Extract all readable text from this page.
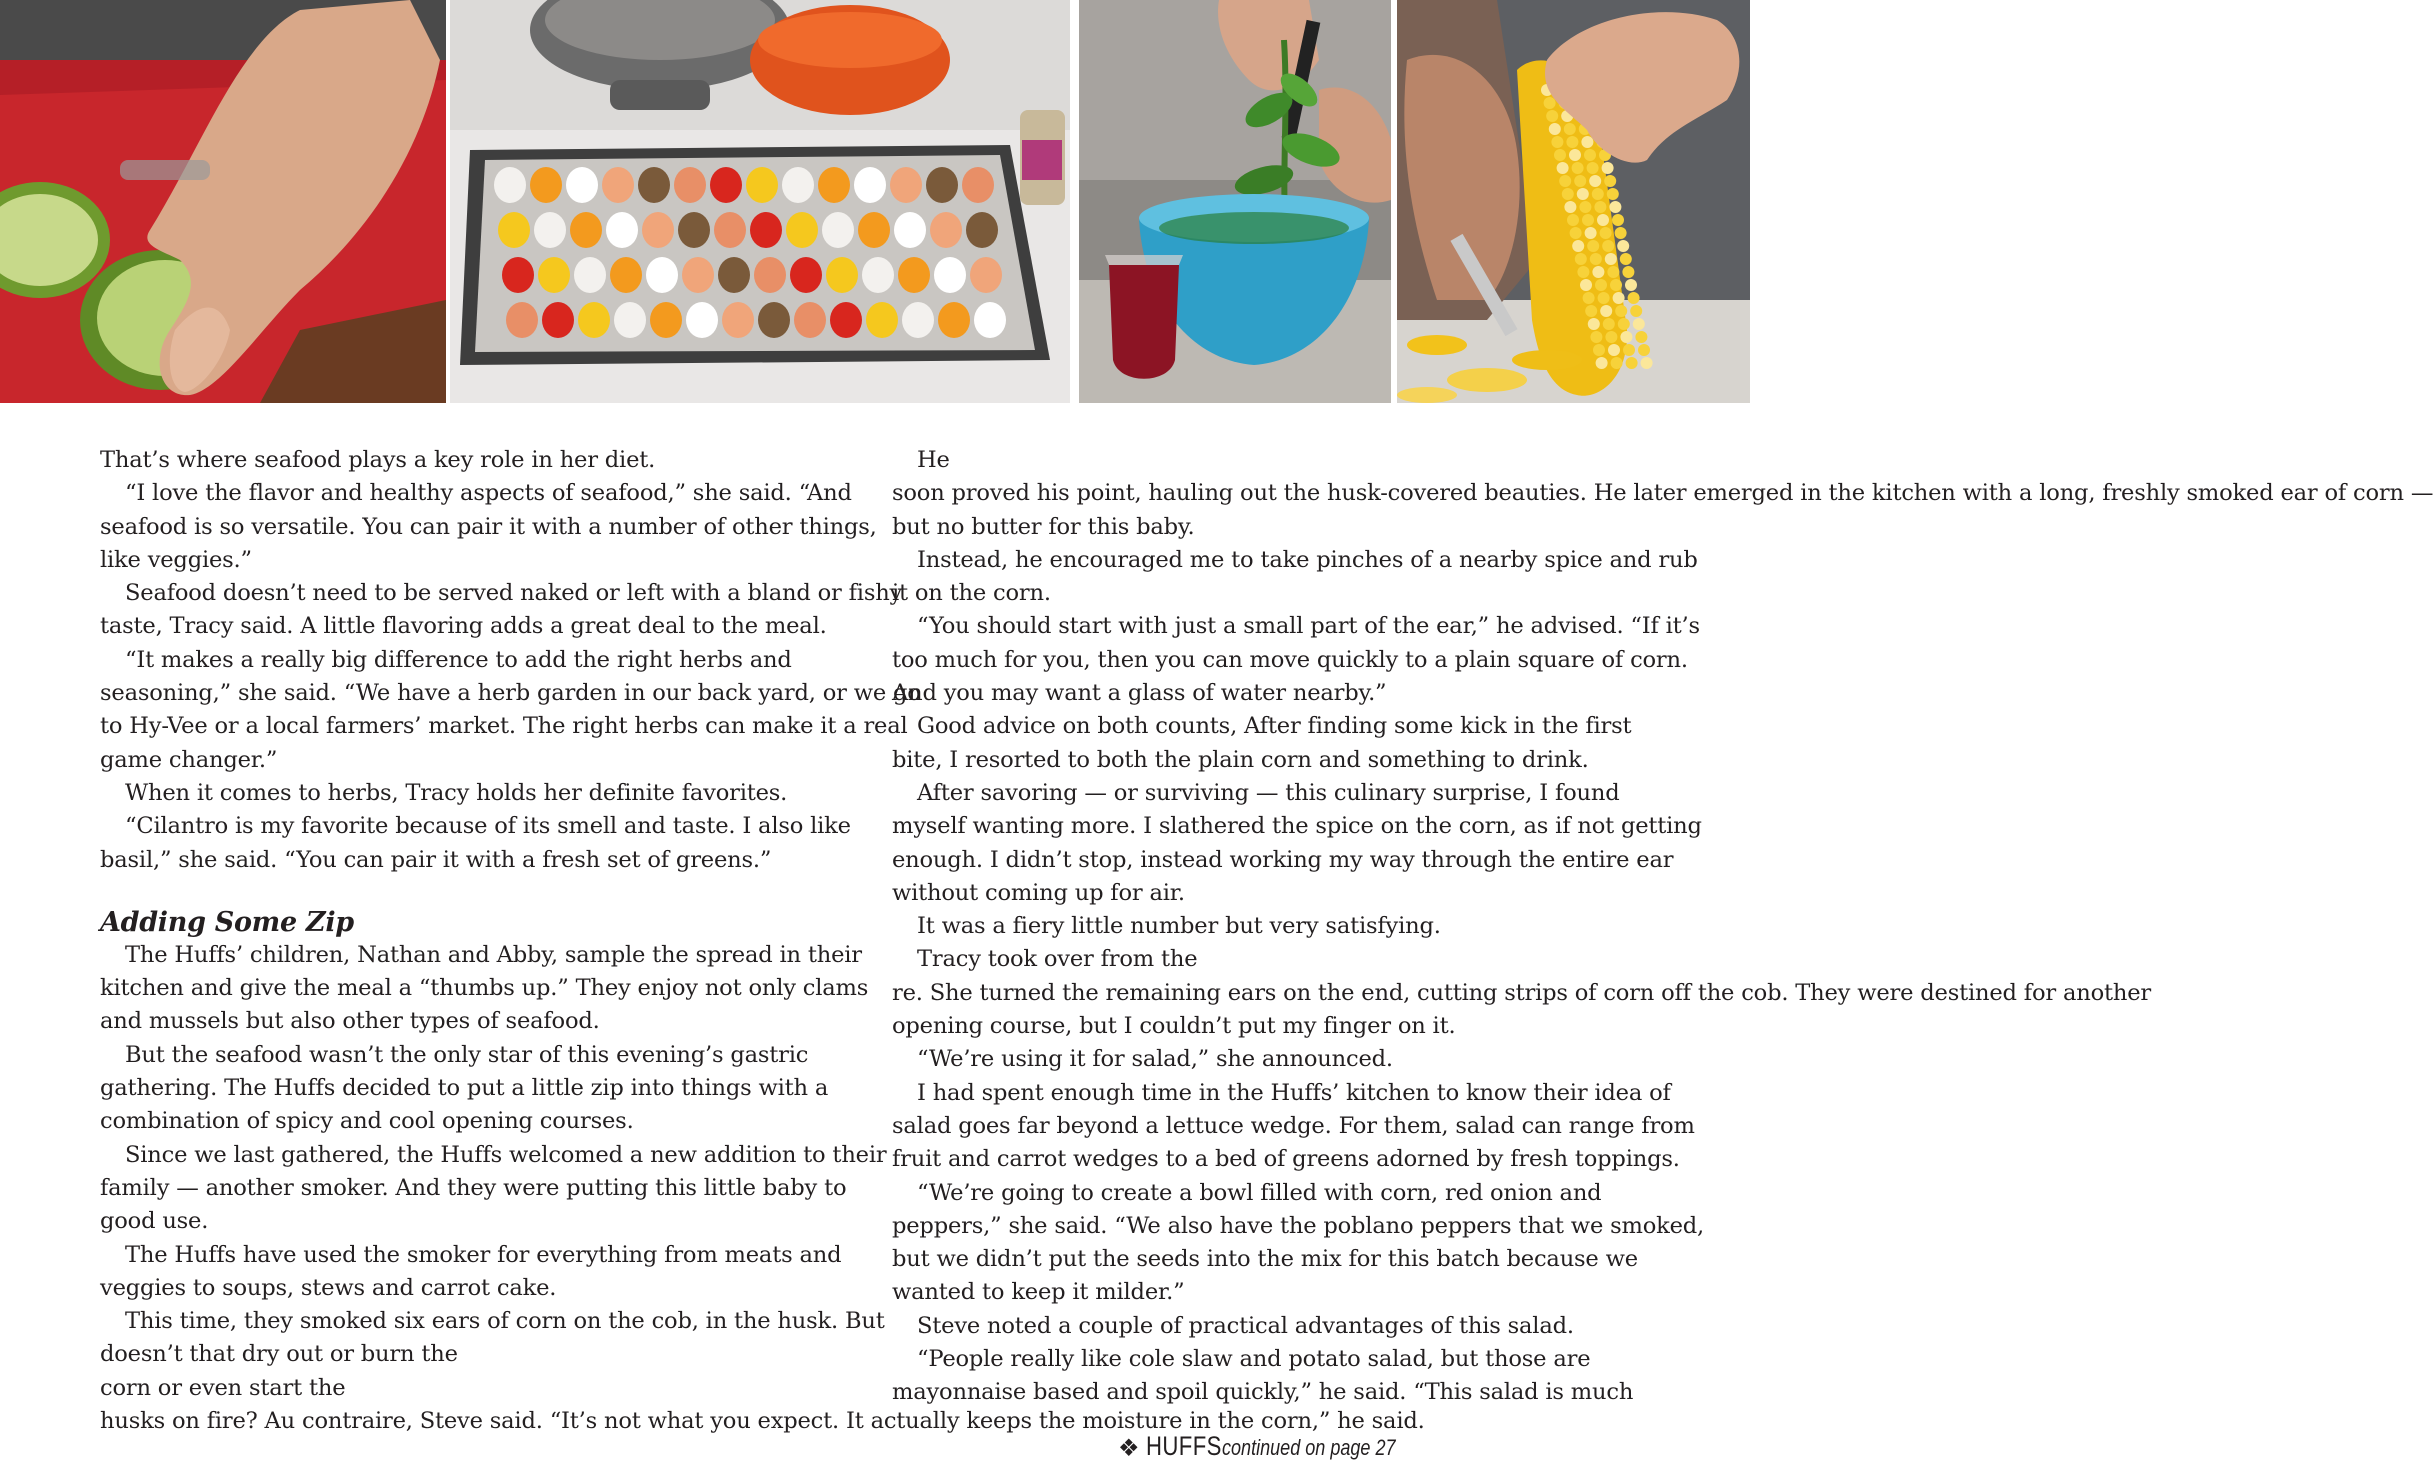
That’s where seafood plays a key role in her diet.

“I love the flavor and healthy aspects of seafood,” she said. “And
seafood is so versatile. You can pair it with a number of other things,
like veggies.”

Seafood doesn’t need to be served naked or left with a bland or fishy
taste, Tracy said. A little flavoring adds a great deal to the meal.

“It makes a really big difference to add the right herbs and
seasoning,” she said. “We have a herb garden in our back yard, or we go
to Hy-Vee or a local farmers’ market. The right herbs can make it a real
game changer.”

When it comes to herbs, Tracy holds her definite favorites.

“Cilantro is my favorite because of its smell and taste. I also like
basil,” she said. “You can pair it with a fresh set of greens.”

Adding Some Zip

The Huffs’ children, Nathan and Abby, sample the spread in their
kitchen and give the meal a “thumbs up.” They enjoy not only clams
and mussels but also other types of seafood.

But the seafood wasn’t the only star of this evening’s gastric
gathering. The Huffs decided to put a little zip into things with a
combination of spicy and cool opening courses.

Since we last gathered, the Huffs welcomed a new addition to their
family — another smoker. And they were putting this little baby to
good use.

The Huffs have used the smoker for everything from meats and
veggies to soups, stews and carrot cake.

This time, they smoked six ears of corn on the cob, in the husk. But
doesn’t that dry out or burn the
corn or even start the
husks on fire? Au contraire, Steve said. “It’s not what you expect. It actually keeps the moisture in the corn,” he said.

He
soon proved his point, hauling out the husk-covered beauties. He later emerged in the kitchen with a long, freshly smoked ear of corn —
but no butter for this baby.

Instead, he encouraged me to take pinches of a nearby spice and rub
it on the corn.

“You should start with just a small part of the ear,” he advised. “If it’s
too much for you, then you can move quickly to a plain square of corn.
And you may want a glass of water nearby.”

Good advice on both counts, After finding some kick in the first
bite, I resorted to both the plain corn and something to drink.

After savoring — or surviving — this culinary surprise, I found
myself wanting more. I slathered the spice on the corn, as if not getting
enough. I didn’t stop, instead working my way through the entire ear
without coming up for air.

It was a fiery little number but very satisfying.

Tracy took over from the
re. She turned the remaining ears on the end, cutting strips of corn off the cob. They were destined for another
opening course, but I couldn’t put my finger on it.

“We’re using it for salad,” she announced.

I had spent enough time in the Huffs’ kitchen to know their idea of
salad goes far beyond a lettuce wedge. For them, salad can range from
fruit and carrot wedges to a bed of greens adorned by fresh toppings.

“We’re going to create a bowl filled with corn, red onion and
peppers,” she said. “We also have the poblano peppers that we smoked,
but we didn’t put the seeds into the mix for this batch because we
wanted to keep it milder.”

Steve noted a couple of practical advantages of this salad.

“People really like cole slaw and potato salad, but those are
mayonnaise based and spoil quickly,” he said. “This salad is much

❖ HUFFS continued on page 27
